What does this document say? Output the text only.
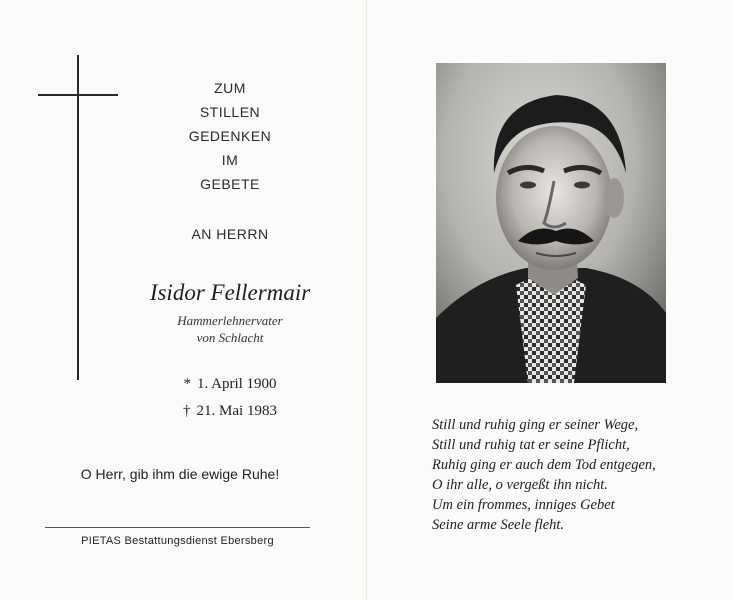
ZUM
STILLEN
GEDENKEN
IM
GEBETE
AN HERRN
Isidor Fellermair
Hammerlehnervater
von Schlacht
* 1. April 1900
† 21. Mai 1983
O Herr, gib ihm die ewige Ruhe!
PIETAS Bestattungsdienst Ebersberg
Still und ruhig ging er seiner Wege,
Still und ruhig tat er seine Pflicht,
Ruhig ging er auch dem Tod entgegen,
O ihr alle, o vergeßt ihn nicht.
Um ein frommes, inniges Gebet
Seine arme Seele fleht.
